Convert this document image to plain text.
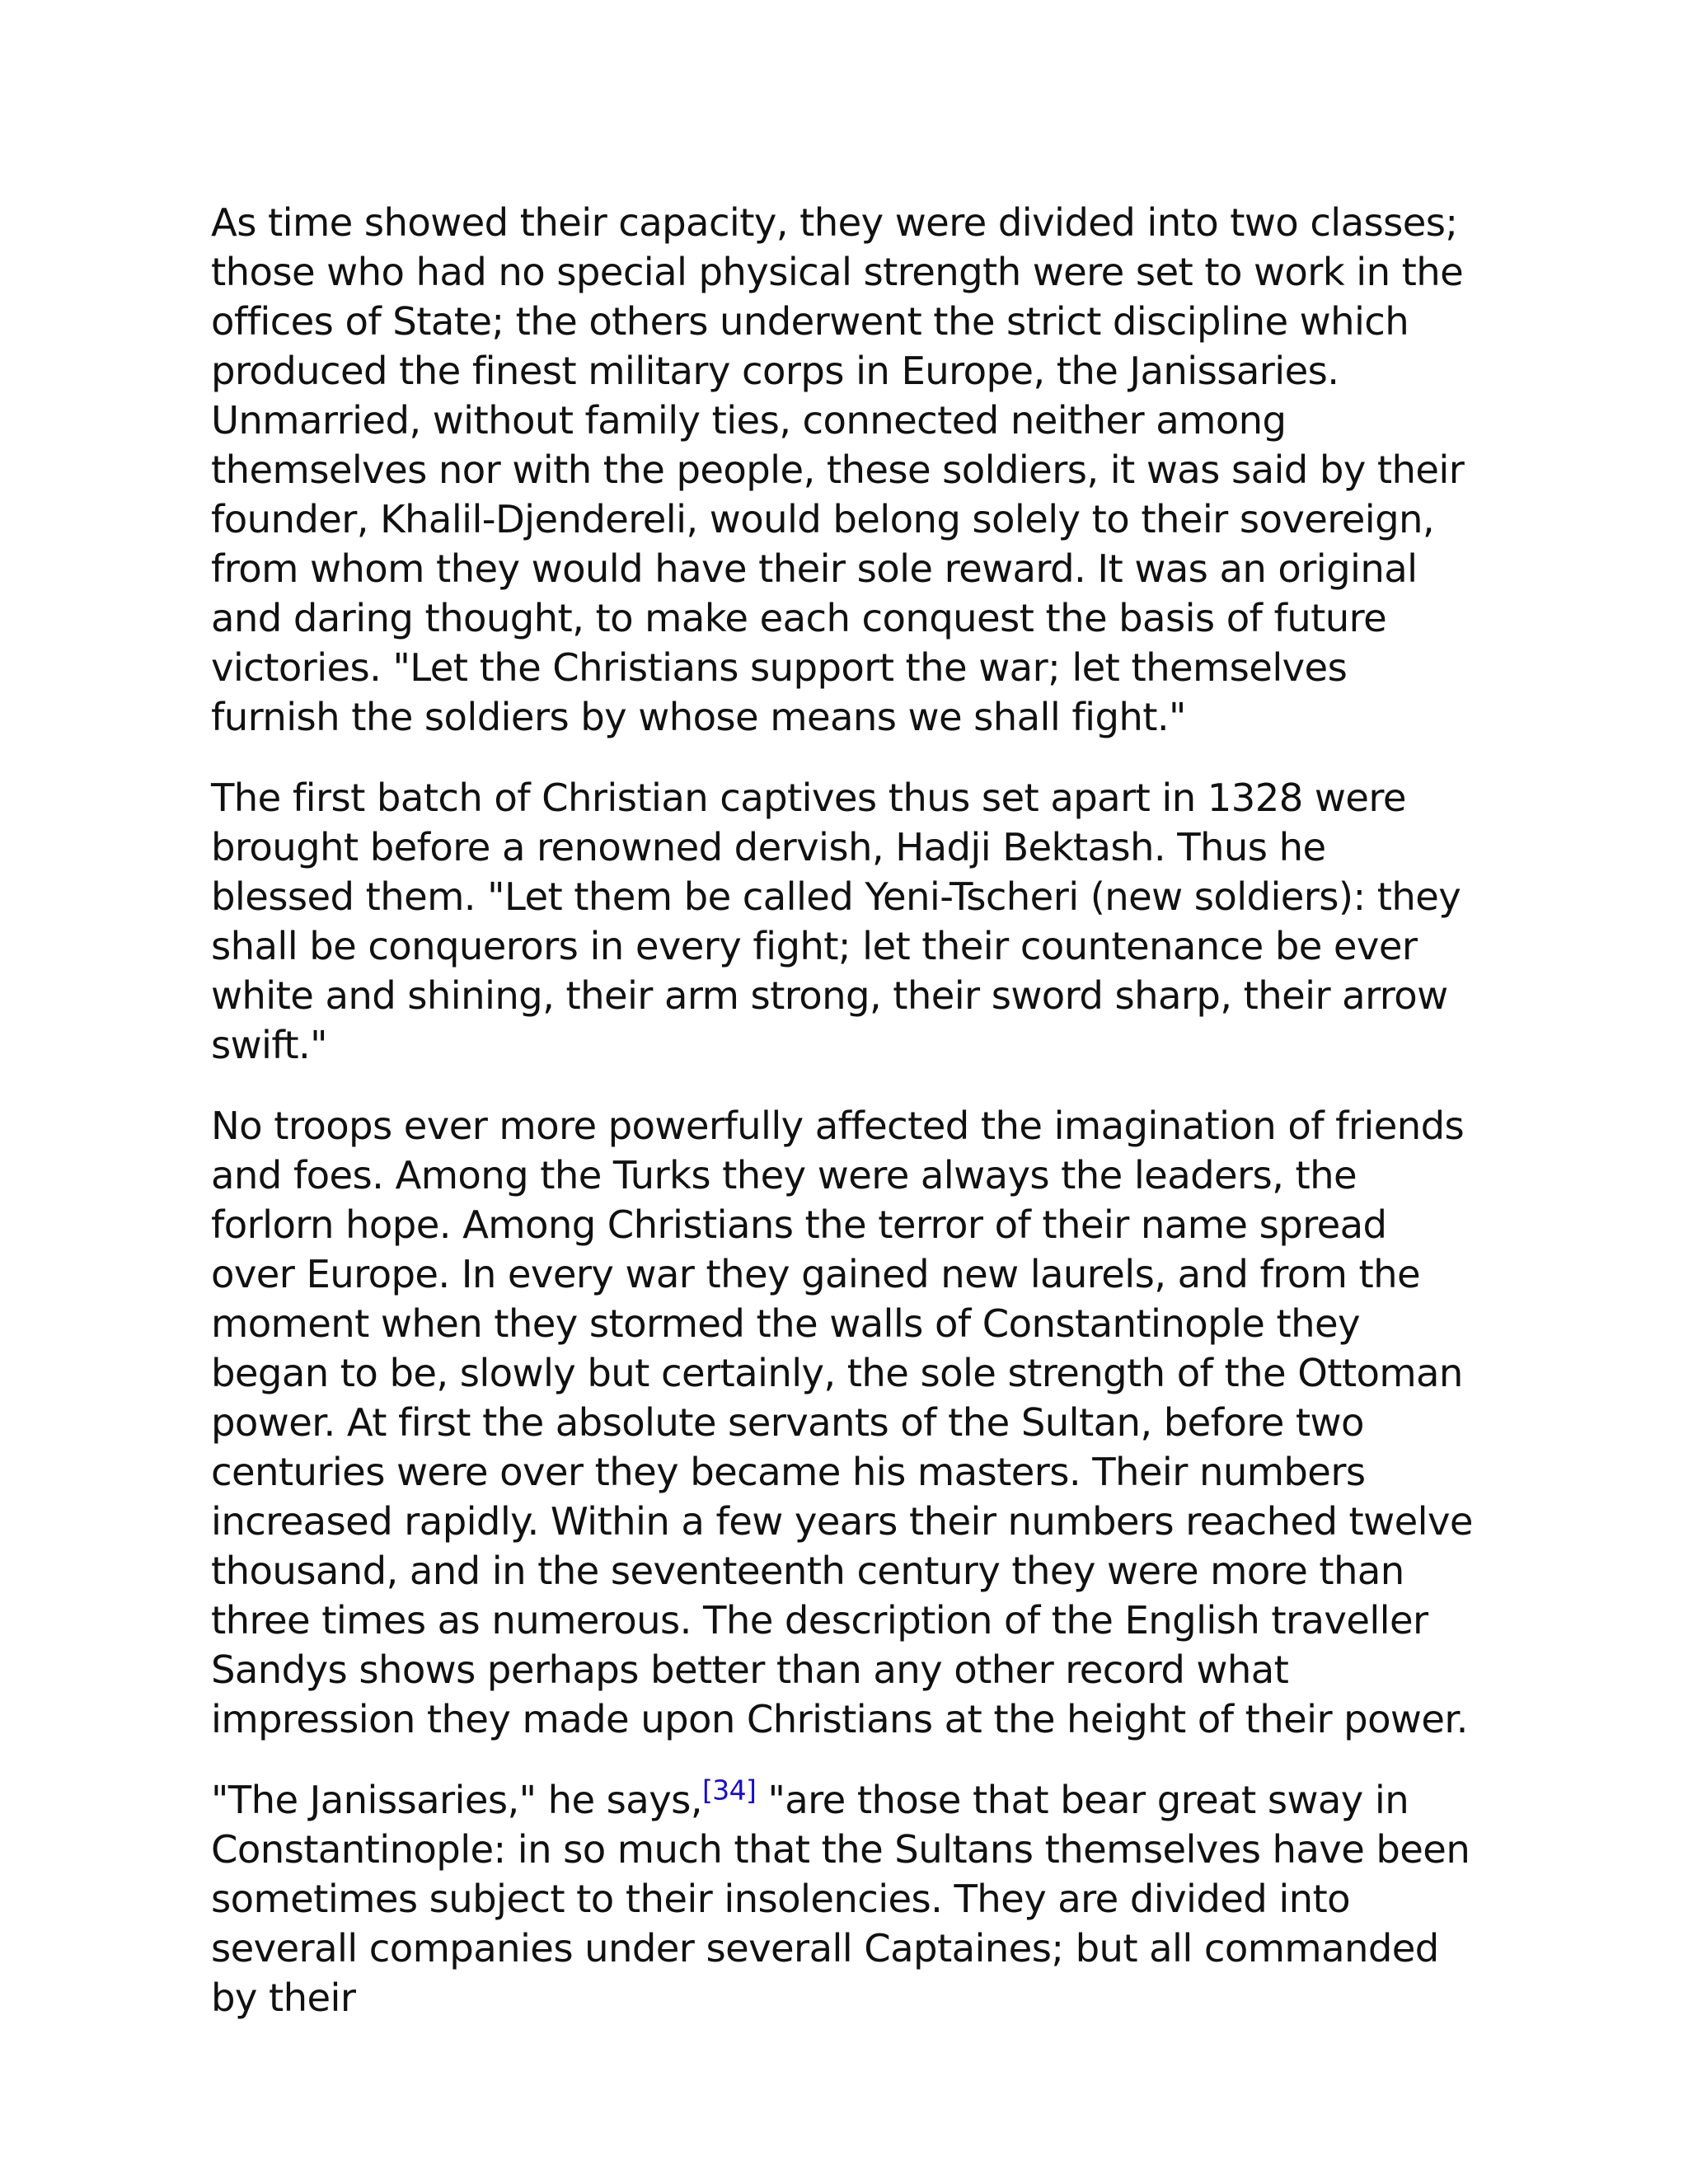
As time showed their capacity, they were divided into two classes; those who had no special physical strength were set to work in the offices of State; the others underwent the strict discipline which produced the finest military corps in Europe, the Janissaries. Unmarried, without family ties, connected neither among themselves nor with the people, these soldiers, it was said by their founder, Khalil-Djendereli, would belong solely to their sovereign, from whom they would have their sole reward. It was an original and daring thought, to make each conquest the basis of future victories. "Let the Christians support the war; let themselves furnish the soldiers by whose means we shall fight."

The first batch of Christian captives thus set apart in 1328 were brought before a renowned dervish, Hadji Bektash. Thus he blessed them. "Let them be called Yeni-Tscheri (new soldiers): they shall be conquerors in every fight; let their countenance be ever white and shining, their arm strong, their sword sharp, their arrow swift."

No troops ever more powerfully affected the imagination of friends and foes. Among the Turks they were always the leaders, the forlorn hope. Among Christians the terror of their name spread over Europe. In every war they gained new laurels, and from the moment when they stormed the walls of Constantinople they began to be, slowly but certainly, the sole strength of the Ottoman power. At first the absolute servants of the Sultan, before two centuries were over they became his masters. Their numbers increased rapidly. Within a few years their numbers reached twelve thousand, and in the seventeenth century they were more than three times as numerous. The description of the English traveller Sandys shows perhaps better than any other record what impression they made upon Christians at the height of their power.

"The Janissaries," he says,[34] "are those that bear great sway in Constantinople: in so much that the Sultans themselves have been sometimes subject to their insolencies. They are divided into severall companies under severall Captaines; but all commanded by their
